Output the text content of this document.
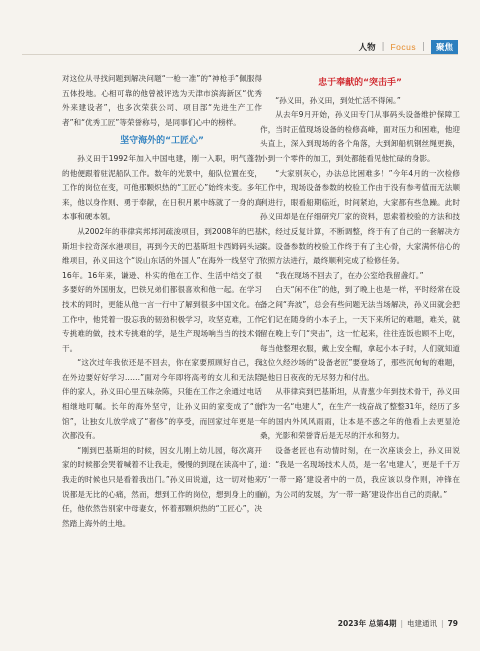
人物 | Focus |	聚焦

对这位从寻找问题到解决问题“一枪一准”的“神枪手”佩服得五体投地。心相可靠的他曾被评选为天津市滨海新区“优秀外来建设者”，也多次荣获公司、项目部“先进生产工作者”和“优秀工匠”等荣誉称号，是同事们心中的榜样。

坚守海外的“工匠心”

孙义田于1992年加入中国电建，刚一入职，明气蓬勃的他便跟着驻泥船队工作。数年的光景中，船队位置在变，工作的岗位在变，可他那颗炽热的“工匠心”始终未变。多年来，他以身作则、勇于奉献，在日积月累中练就了一身的真本事和硬本领。

从2002年的菲律宾邦邦河疏浚项目，到2008年的巴基斯坦卡拉奇深水港项目，再到今天的巴基斯坦卡西姆码头运维项目，孙义田这个“说山东话的外国人”在海外一线坚守了16年。16年来，谦逊、朴实的他在工作、生活中结交了很多要好的外国朋友，巴铁兄弟们都很喜欢和他一起。在学习技术的同时，更能从他一言一行中了解到很多中国文化。在工作中，他凭着一股忘我的韧劲积极学习，攻坚克难，工作专挑难的做，技术专挑难的学，是生产现场响当当的技术骨干。

“这次过年我依还是不回去，你在家要照顾好自己，我在外边要好好学习……”面对今年即将高考的女儿和无法陪伴的家人，孙义田心里五味杂陈，只能在工作之余通过电话相继地叮嘱。长年的海外坚守，让孙义田的家变成了“旅馆”，让独女儿放学成了“奢侈”的享受，而回家过年更是一次都没有。

“刚到巴基斯坦的时候，因女儿刚上幼儿园，每次离开家的时候都会哭着喊着不让我走，慢慢的到现在读高中了，我走的时候也只是看着我出门。”孙义田说道，这一切对他来说都是无比的心痛，然而，想到工作的岗位，想到身上的重任，他依然告别家中母妻女，怀着那颗炽热的“工匠心”，决然踏上海外的土地。

忠于奉献的“突击手”

“孙义田，孙义田，到处忙活不得闲。”

从去年9月开始，孙义田专门从事码头设备维护保障工作，当时正值现场设备的检修高峰，面对压力和困难，他迎头直上，深入到现场的各个角落，大到卸船机钢丝绳更换，小到一个零件的加工，到处都能看见他忙碌的身影。

“大家别灰心，办法总比困难多！”今年4月的一次检修工作中，现场设备参数的校验工作由于没有参考值而无法顺利进行，眼看船期临近，时间紧迫，大家都有些急躁。此时孙义田却是在仔细研究厂家的资料，思索着校验的方法和技术，经过反复计算，不断调整，终于有了自己的一套解决方案。设备参数的校验工作终于有了主心骨，大家满怀信心的依照方法进行，最终顺利完成了检修任务。

“我在现场不回去了，在办公室给我留盏灯。”

白天“闲不住”的他，到了晚上也是一样，平时经常在设备之间“奔波”，总会有些问题无法当场解决，孙义田就会把它们记在随身的小本子上，一天下来所记的难题，难关，就留在晚上专门“突击”，这一忙起来，往往连饭也顾不上吃，每当他整理衣服，戴上安全帽，拿起小本子时，人们就知道这位久经沙场的“设备老匠”要登场了，那些沉甸甸的难题，是他日日夜夜的无尽努力和付出。

从菲律宾到巴基斯坦，从青葱少年到技术骨干，孙义田作为一名“电建人”，在生产一线奋战了整整31年，经历了多年的国内外风风雨雨，让本是不惑之年的他看上去更显沧桑，光影和荣誉背后是无尽的汗水和努力。

设备老匠也有动情时刻，在一次座谈会上，孙义田说道：“我是一名现场技术人员，是一名‘电建人’，更是千千万万‘一带一路’建设者中的一员，我应该以身作则，冲锋在前，为公司的发展，为‘一带一路’建设作出自己的贡献。”

2023年 总第4期 | 电建通讯 | 79
